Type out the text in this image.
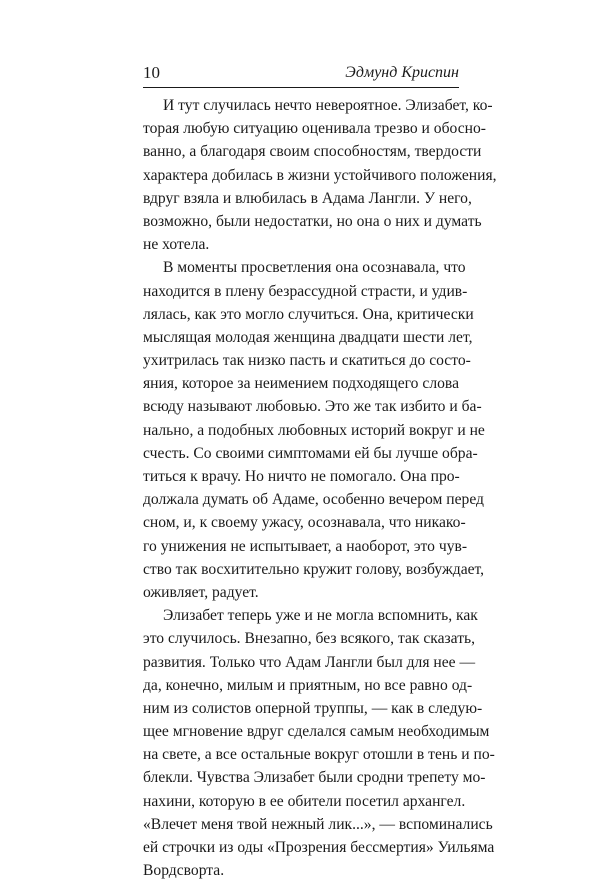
10	Эдмунд Криспин
И тут случилась нечто невероятное. Элизабет, ко-
торая любую ситуацию оценивала трезво и обосно-
ванно, а благодаря своим способностям, твердости
характера добилась в жизни устойчивого положения,
вдруг взяла и влюбилась в Адама Лангли. У него,
возможно, были недостатки, но она о них и думать
не хотела.
В моменты просветления она осознавала, что
находится в плену безрассудной страсти, и удив-
лялась, как это могло случиться. Она, критически
мыслящая молодая женщина двадцати шести лет,
ухитрилась так низко пасть и скатиться до состо-
яния, которое за неимением подходящего слова
всюду называют любовью. Это же так избито и ба-
нально, а подобных любовных историй вокруг и не
счесть. Со своими симптомами ей бы лучше обра-
титься к врачу. Но ничто не помогало. Она про-
должала думать об Адаме, особенно вечером перед
сном, и, к своему ужасу, осознавала, что никако-
го унижения не испытывает, а наоборот, это чув-
ство так восхитительно кружит голову, возбуждает,
оживляет, радует.
Элизабет теперь уже и не могла вспомнить, как
это случилось. Внезапно, без всякого, так сказать,
развития. Только что Адам Лангли был для нее —
да, конечно, милым и приятным, но все равно од-
ним из солистов оперной труппы, — как в следую-
щее мгновение вдруг сделался самым необходимым
на свете, а все остальные вокруг отошли в тень и по-
блекли. Чувства Элизабет были сродни трепету мо-
нахини, которую в ее обители посетил архангел.
«Влечет меня твой нежный лик...», — вспоминались
ей строчки из оды «Прозрения бессмертия» Уильяма
Вордсворта.
